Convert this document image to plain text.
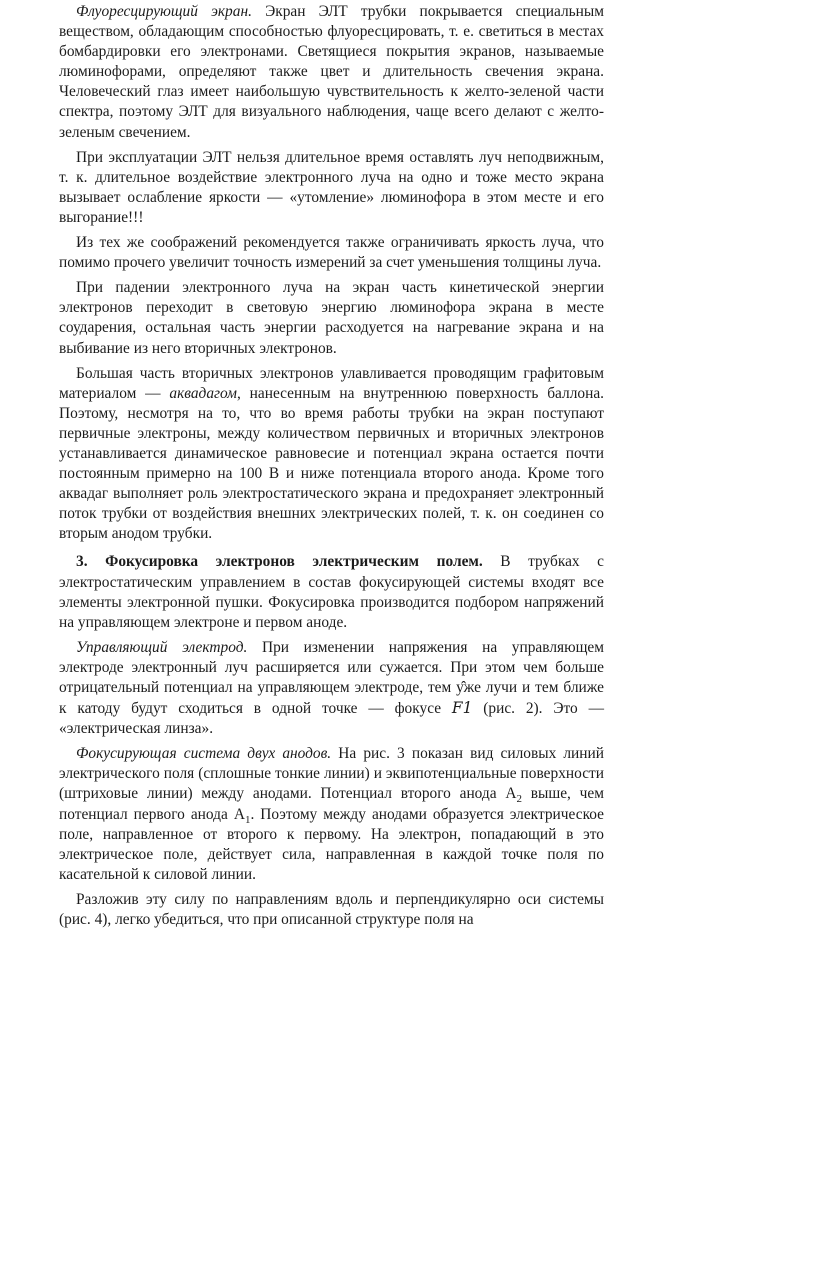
Флуоресцирующий экран. Экран ЭЛТ трубки покрывается специальным веществом, обладающим способностью флуоресцировать, т. е. светиться в местах бомбардировки его электронами. Светящиеся покрытия экранов, называемые люминофорами, определяют также цвет и длительность свечения экрана. Человеческий глаз имеет наибольшую чувствительность к желто-зеленой части спектра, поэтому ЭЛТ для визуального наблюдения, чаще всего делают с желто-зеленым свечением.

При эксплуатации ЭЛТ нельзя длительное время оставлять луч неподвижным, т. к. длительное воздействие электронного луча на одно и тоже место экрана вызывает ослабление яркости — «утомление» люминофора в этом месте и его выгорание!!!

Из тех же соображений рекомендуется также ограничивать яркость луча, что помимо прочего увеличит точность измерений за счет уменьшения толщины луча.

При падении электронного луча на экран часть кинетической энергии электронов переходит в световую энергию люминофора экрана в месте соударения, остальная часть энергии расходуется на нагревание экрана и на выбивание из него вторичных электронов.

Большая часть вторичных электронов улавливается проводящим графитовым материалом — аквадагом, нанесенным на внутреннюю поверхность баллона. Поэтому, несмотря на то, что во время работы трубки на экран поступают первичные электроны, между количеством первичных и вторичных электронов устанавливается динамическое равновесие и потенциал экрана остается почти постоянным примерно на 100 В и ниже потенциала второго анода. Кроме того аквадаг выполняет роль электростатического экрана и предохраняет электронный поток трубки от воздействия внешних электрических полей, т. к. он соединен со вторым анодом трубки.

3. Фокусировка электронов электрическим полем. В трубках с электростатическим управлением в состав фокусирующей системы входят все элементы электронной пушки. Фокусировка производится подбором напряжений на управляющем электроне и первом аноде.

Управляющий электрод. При изменении напряжения на управляющем электроде электронный луч расширяется или сужается. При этом чем больше отрицательный потенциал на управляющем электроде, тем у̂же лучи и тем ближе к катоду будут сходиться в одной точке — фокусе F1 (рис. 2). Это — «электрическая линза».

Фокусирующая система двух анодов. На рис. 3 показан вид силовых линий электрического поля (сплошные тонкие линии) и эквипотенциальные поверхности (штриховые линии) между анодами. Потенциал второго анода $A_2$ выше, чем потенциал первого анода $A_1$. Поэтому между анодами образуется электрическое поле, направленное от второго к первому. На электрон, попадающий в это электрическое поле, действует сила, направленная в каждой точке поля по касательной к силовой линии.

Разложив эту силу по направлениям вдоль и перпендикулярно оси системы (рис. 4), легко убедиться, что при описанной структуре поля на
